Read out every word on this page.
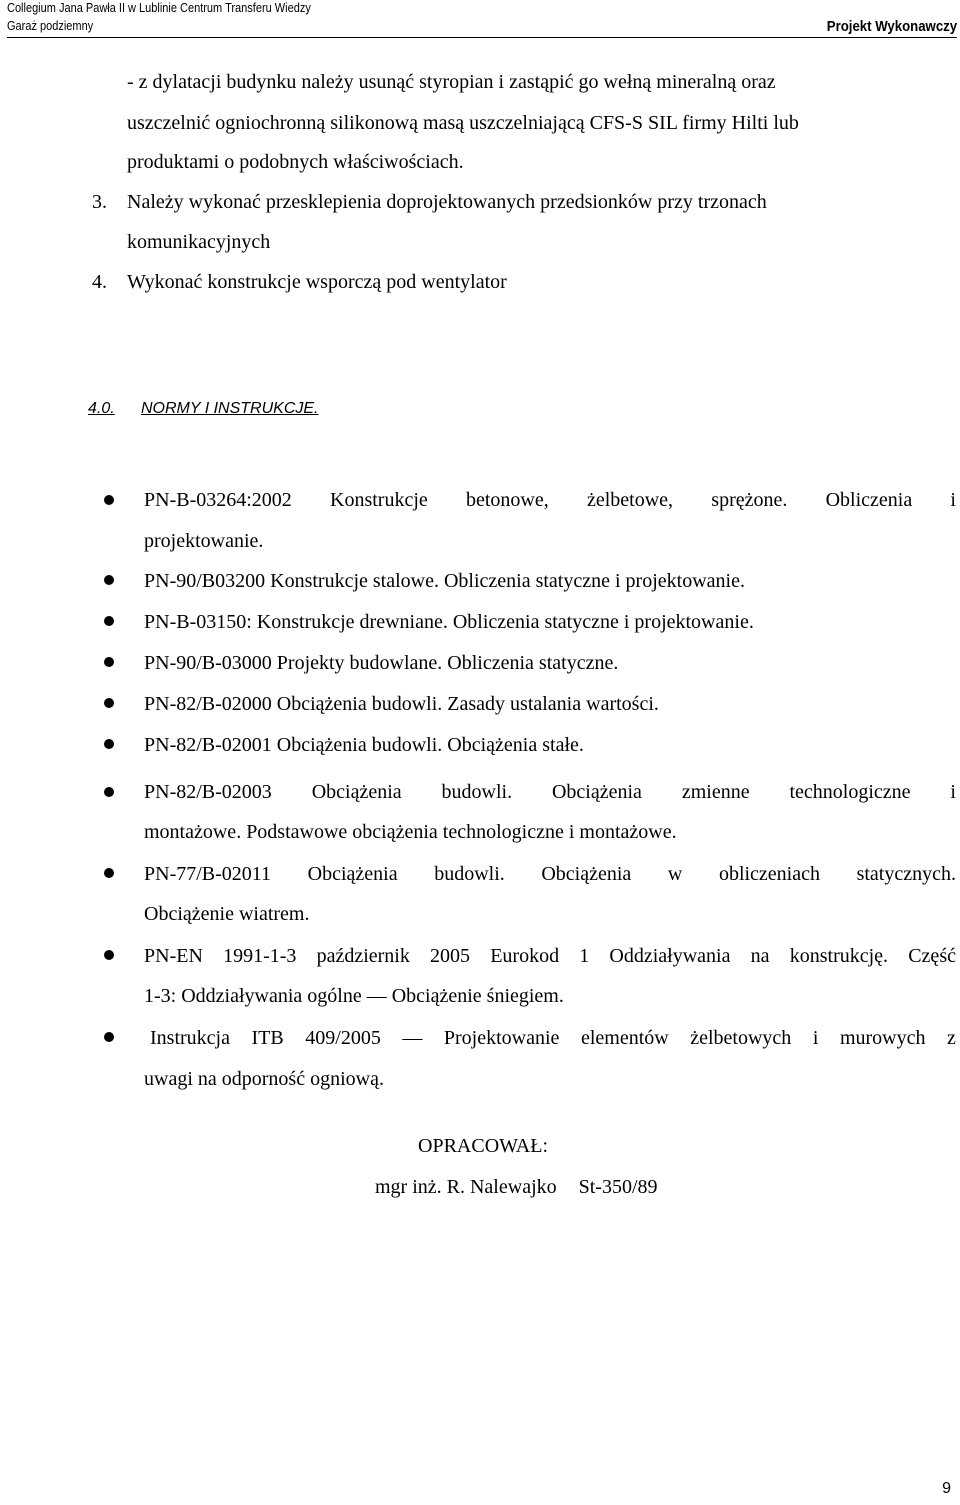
Collegium Jana Pawła II w Lublinie Centrum Transferu Wiedzy
Garaż podziemny	Projekt Wykonawczy
- z dylatacji budynku należy usunąć styropian i zastąpić go wełną mineralną oraz
uszczelnić ogniochronną silikonową masą uszczelniającą CFS-S SIL firmy Hilti lub
produktami o podobnych właściwościach.
3. Należy wykonać przesklepienia doprojektowanych przedsionków przy trzonach
komunikacyjnych
4. Wykonać konstrukcje wsporczą pod wentylator
4.0. NORMY I INSTRUKCJE.
PN-B-03264:2002 Konstrukcje betonowe, żelbetowe, sprężone. Obliczenia i
projektowanie.
PN-90/B03200 Konstrukcje stalowe. Obliczenia statyczne i projektowanie.
PN-B-03150: Konstrukcje drewniane. Obliczenia statyczne i projektowanie.
PN-90/B-03000 Projekty budowlane. Obliczenia statyczne.
PN-82/B-02000 Obciążenia budowli. Zasady ustalania wartości.
PN-82/B-02001 Obciążenia budowli. Obciążenia stałe.
PN-82/B-02003 Obciążenia budowli. Obciążenia zmienne technologiczne i
montażowe. Podstawowe obciążenia technologiczne i montażowe.
PN-77/B-02011 Obciążenia budowli. Obciążenia w obliczeniach statycznych.
Obciążenie wiatrem.
PN-EN 1991-1-3 październik 2005 Eurokod 1 Oddziaływania na konstrukcję. Część
1-3: Oddziaływania ogólne — Obciążenie śniegiem.
Instrukcja ITB 409/2005 — Projektowanie elementów żelbetowych i murowych z
uwagi na odporność ogniową.
OPRACOWAŁ:
mgr inż. R. Nalewajko St-350/89
9
